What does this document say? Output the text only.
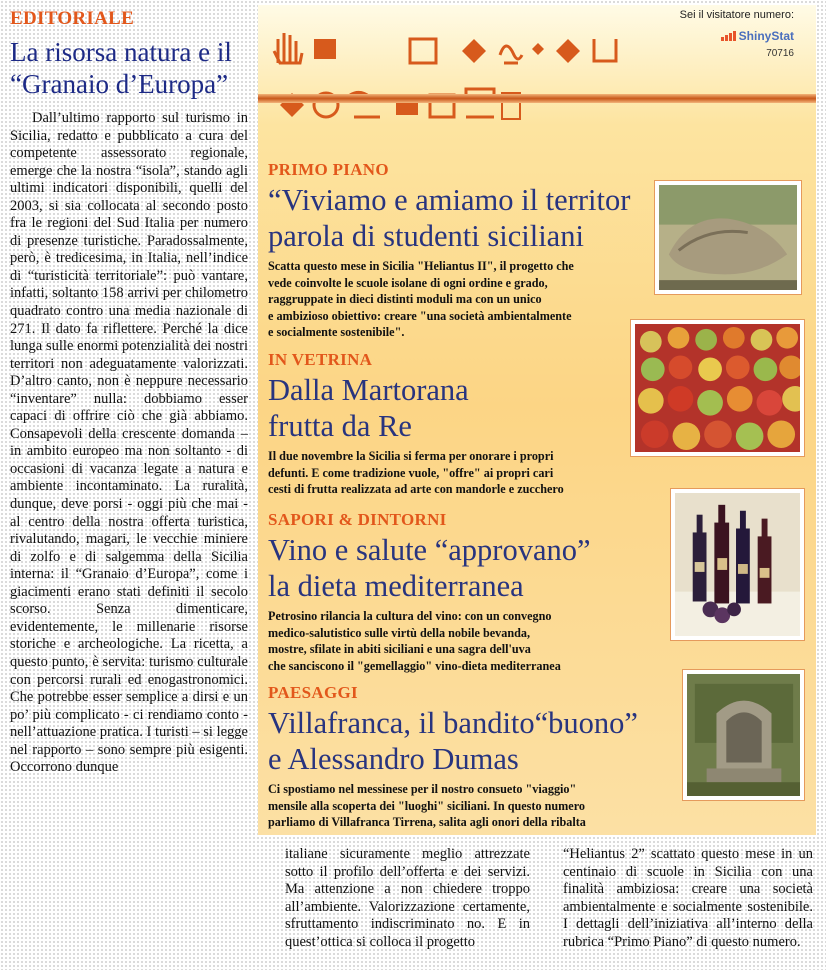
EDITORIALE
La risorsa natura e il “Granaio d’Europa”
Dall’ultimo rapporto sul turismo in Sicilia, redatto e pubblicato a cura del competente assessorato regionale, emerge che la nostra “isola”, stando agli ultimi indicatori disponibili, quelli del 2003, si sia collocata al secondo posto fra le regioni del Sud Italia per numero di presenze turistiche. Paradossalmente, però, è tredicesima, in Italia, nell’indice di “turisticità territoriale”: può vantare, infatti, soltanto 158 arrivi per chilometro quadrato contro una media nazionale di 271. Il dato fa riflettere. Perché la dice lunga sulle enormi potenzialità dei nostri territori non adeguatamente valorizzati. D’altro canto, non è neppure necessario “inventare” nulla: dobbiamo esser capaci di offrire ciò che già abbiamo. Consapevoli della crescente domanda – in ambito europeo ma non soltanto - di occasioni di vacanza legate a natura e ambiente incontaminato. La ruralità, dunque, deve porsi - oggi più che mai - al centro della nostra offerta turistica, rivalutando, magari, le vecchie miniere di zolfo e di salgemma della Sicilia interna: il “Granaio d’Europa”, come i giacimenti erano stati definiti il secolo scorso. Senza dimenticare, evidentemente, le millenarie risorse storiche e archeologiche. La ricetta, a questo punto, è servita: turismo culturale con percorsi rurali ed enogastronomici. Che potrebbe esser semplice a dirsi e un po’ più complicato - ci rendiamo conto - nell’attuazione pratica. I turisti – si legge nel rapporto – sono sempre più esigenti. Occorrono dunque
Sei il visitatore numero:
ShinyStat
70716
PRIMO PIANO
“Viviamo e amiamo il territor
parola di studenti siciliani
Scatta questo mese in Sicilia "Heliantus II", il progetto che
vede coinvolte le scuole isolane di ogni ordine e grado,
raggruppate in dieci distinti moduli ma con un unico
e ambizioso obiettivo: creare "una società ambientalmente
e socialmente sostenibile".
IN VETRINA
Dalla Martorana
frutta da Re
Il due novembre la Sicilia si ferma per onorare i propri
defunti. E come tradizione vuole, "offre" ai propri cari
cesti di frutta realizzata ad arte con mandorle e zucchero
SAPORI & DINTORNI
Vino e salute “approvano”
la dieta mediterranea
Petrosino rilancia la cultura del vino: con un convegno
medico-salutistico sulle virtù della nobile bevanda,
mostre, sfilate in abiti siciliani e una sagra dell'uva
che sanciscono il "gemellaggio" vino-dieta mediterranea
PAESAGGI
Villafranca, il bandito“buono”
e Alessandro Dumas
Ci spostiamo nel messinese per il nostro consueto "viaggio"
mensile alla scoperta dei "luoghi" siciliani. In questo numero
parliamo di Villafranca Tirrena, salita agli onori della ribalta
italiane sicuramente meglio attrezzate sotto il profilo dell’offerta e dei servizi. Ma attenzione a non chiedere troppo all’ambiente. Valorizzazione certamente, sfruttamento indiscriminato no. E in quest’ottica si colloca il progetto
“Heliantus 2” scattato questo mese in un centinaio di scuole in Sicilia con una finalità ambiziosa: creare una società ambientalmente e socialmente sostenibile. I dettagli dell’iniziativa all’interno della rubrica “Primo Piano” di questo numero.
